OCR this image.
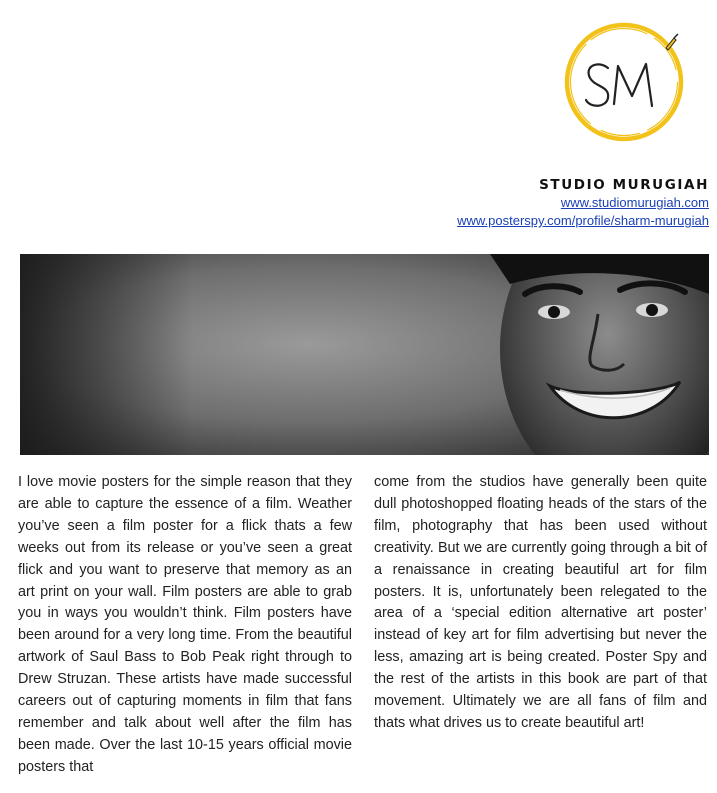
STUDIO MURUGIAH
www.studiomurugiah.com
www.posterspy.com/profile/sharm-murugiah

I love movie posters for the simple reason that they are able to capture the essence of a film. Weather you’ve seen a film poster for a flick thats a few weeks out from its release or you’ve seen a great flick and you want to preserve that memory as an art print on your wall. Film posters are able to grab you in ways you wouldn’t think. Film posters have been around for a very long time. From the beautiful artwork of Saul Bass to Bob Peak right through to Drew Struzan. These artists have made successful careers out of capturing moments in film that fans remember and talk about well after the film has been made. Over the last 10-15 years official movie posters that

come from the studios have generally been quite dull photoshopped floating heads of the stars of the film, photography that has been used without creativity. But we are currently going through a bit of a renaissance in creating beautiful art for film posters. It is, unfortunately been relegated to the area of a ‘special edition alternative art poster’ instead of key art for film advertising but never the less, amazing art is being created. Poster Spy and the rest of the artists in this book are part of that movement. Ultimately we are all fans of film and thats what drives us to create beautiful art!
